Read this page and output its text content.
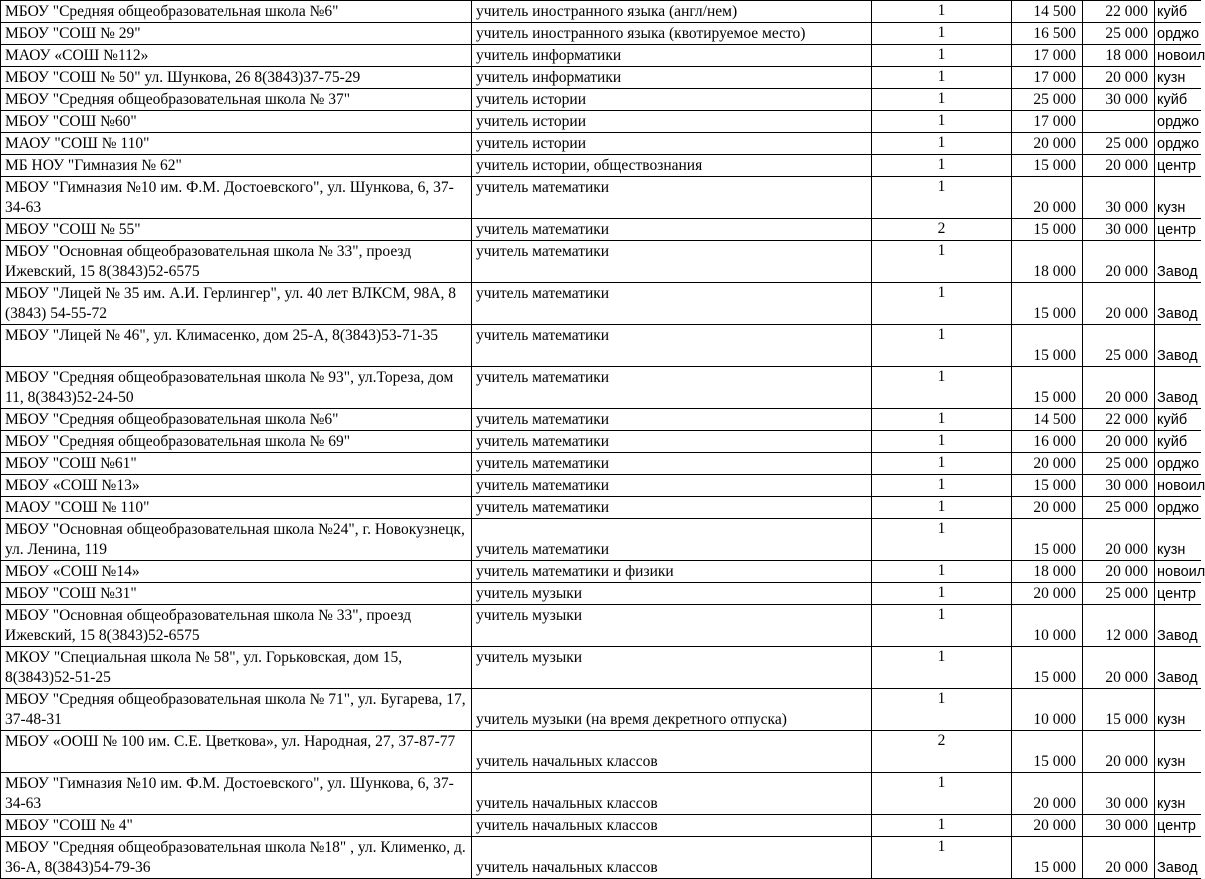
МБОУ "Средняя общеобразовательная школа №6"	учитель иностранного языка (англ/нем)	1	14 500	22 000	куйб
МБОУ "СОШ № 29"	учитель иностранного языка (квотируемое место)	1	16 500	25 000	орджо
МАОУ «СОШ №112»	учитель информатики	1	17 000	18 000	новоил
МБОУ "СОШ № 50" ул. Шункова, 26 8(3843)37-75-29	учитель информатики	1	17 000	20 000	кузн
МБОУ "Средняя общеобразовательная школа № 37"	учитель истории	1	25 000	30 000	куйб
МБОУ "СОШ №60"	учитель истории	1	17 000		орджо
МАОУ "СОШ № 110"	учитель истории	1	20 000	25 000	орджо
МБ НОУ "Гимназия № 62"	учитель истории, обществознания	1	15 000	20 000	центр
МБОУ "Гимназия №10 им. Ф.М. Достоевского", ул. Шункова, 6, 37-34-63	учитель математики	1	20 000	30 000	кузн
МБОУ "СОШ № 55"	учитель математики	2	15 000	30 000	центр
МБОУ "Основная общеобразовательная школа № 33", проезд Ижевский, 15 8(3843)52-6575	учитель математики	1	18 000	20 000	Завод
МБОУ "Лицей № 35 им. А.И. Герлингер", ул. 40 лет ВЛКСМ, 98А, 8 (3843) 54-55-72	учитель математики	1	15 000	20 000	Завод
МБОУ "Лицей № 46", ул. Климасенко, дом 25-А, 8(3843)53-71-35	учитель математики	1	15 000	25 000	Завод
МБОУ "Средняя общеобразовательная школа № 93", ул.Тореза, дом 11, 8(3843)52-24-50	учитель математики	1	15 000	20 000	Завод
МБОУ "Средняя общеобразовательная школа №6"	учитель математики	1	14 500	22 000	куйб
МБОУ "Средняя общеобразовательная школа № 69"	учитель математики	1	16 000	20 000	куйб
МБОУ "СОШ №61"	учитель математики	1	20 000	25 000	орджо
МБОУ «СОШ №13»	учитель математики	1	15 000	30 000	новоил
МАОУ "СОШ № 110"	учитель математики	1	20 000	25 000	орджо
МБОУ "Основная общеобразовательная школа №24", г. Новокузнецк, ул. Ленина, 119	учитель математики	1	15 000	20 000	кузн
МБОУ «СОШ №14»	учитель математики и физики	1	18 000	20 000	новоил
МБОУ "СОШ №31"	учитель музыки	1	20 000	25 000	центр
МБОУ "Основная общеобразовательная школа № 33", проезд Ижевский, 15 8(3843)52-6575	учитель музыки	1	10 000	12 000	Завод
МКОУ "Специальная школа № 58", ул. Горьковская, дом 15, 8(3843)52-51-25	учитель музыки	1	15 000	20 000	Завод
МБОУ "Средняя общеобразовательная школа № 71", ул. Бугарева, 17, 37-48-31	учитель музыки (на время декретного отпуска)	1	10 000	15 000	кузн
МБОУ «ООШ № 100 им. С.Е. Цветкова», ул. Народная, 27, 37-87-77	учитель начальных классов	2	15 000	20 000	кузн
МБОУ "Гимназия №10 им. Ф.М. Достоевского", ул. Шункова, 6, 37-34-63	учитель начальных классов	1	20 000	30 000	кузн
МБОУ "СОШ № 4"	учитель начальных классов	1	20 000	30 000	центр
МБОУ "Средняя общеобразовательная школа №18" , ул. Клименко, д. 36-А, 8(3843)54-79-36	учитель начальных классов	1	15 000	20 000	Завод
